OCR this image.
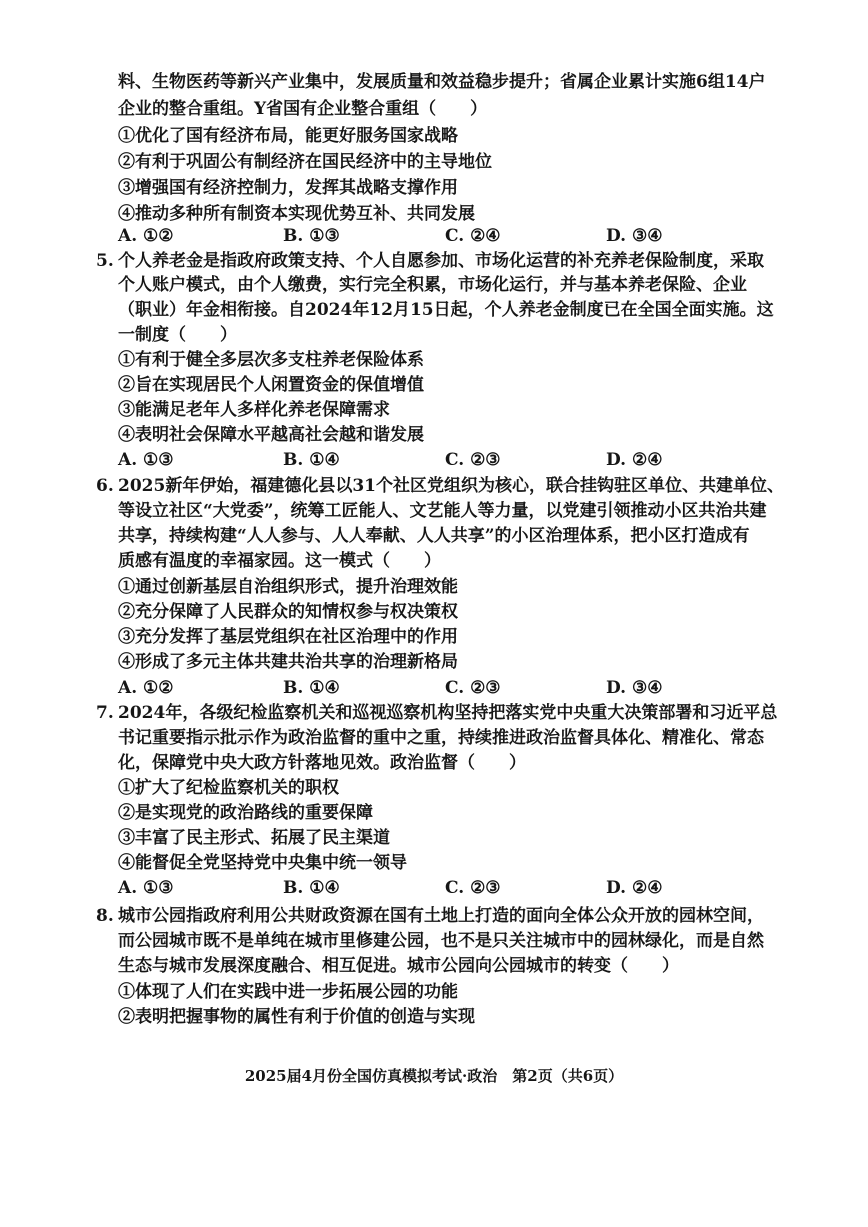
料、生物医药等新兴产业集中，发展质量和效益稳步提升；省属企业累计实施6组14户
企业的整合重组。Y省国有企业整合重组（　　）
①优化了国有经济布局，能更好服务国家战略
②有利于巩固公有制经济在国民经济中的主导地位
③增强国有经济控制力，发挥其战略支撑作用
④推动多种所有制资本实现优势互补、共同发展
A. ①②	B. ①③	C. ②④	D. ③④
5. 个人养老金是指政府政策支持、个人自愿参加、市场化运营的补充养老保险制度，采取
个人账户模式，由个人缴费，实行完全积累，市场化运行，并与基本养老保险、企业
（职业）年金相衔接。自2024年12月15日起，个人养老金制度已在全国全面实施。这
一制度（　　）
①有利于健全多层次多支柱养老保险体系
②旨在实现居民个人闲置资金的保值增值
③能满足老年人多样化养老保障需求
④表明社会保障水平越高社会越和谐发展
A. ①③	B. ①④	C. ②③	D. ②④
6. 2025新年伊始，福建德化县以31个社区党组织为核心，联合挂钩驻区单位、共建单位、
等设立社区“大党委”，统筹工匠能人、文艺能人等力量，以党建引领推动小区共治共建
共享，持续构建“人人参与、人人奉献、人人共享”的小区治理体系，把小区打造成有
质感有温度的幸福家园。这一模式（　　）
①通过创新基层自治组织形式，提升治理效能
②充分保障了人民群众的知情权参与权决策权
③充分发挥了基层党组织在社区治理中的作用
④形成了多元主体共建共治共享的治理新格局
A. ①②	B. ①④	C. ②③	D. ③④
7. 2024年，各级纪检监察机关和巡视巡察机构坚持把落实党中央重大决策部署和习近平总
书记重要指示批示作为政治监督的重中之重，持续推进政治监督具体化、精准化、常态
化，保障党中央大政方针落地见效。政治监督（　　）
①扩大了纪检监察机关的职权
②是实现党的政治路线的重要保障
③丰富了民主形式、拓展了民主渠道
④能督促全党坚持党中央集中统一领导
A. ①③	B. ①④	C. ②③	D. ②④
8. 城市公园指政府利用公共财政资源在国有土地上打造的面向全体公众开放的园林空间，
而公园城市既不是单纯在城市里修建公园，也不是只关注城市中的园林绿化，而是自然
生态与城市发展深度融合、相互促进。城市公园向公园城市的转变（　　）
①体现了人们在实践中进一步拓展公园的功能
②表明把握事物的属性有利于价值的创造与实现
2025届4月份全国仿真模拟考试·政治　第2页（共6页）
